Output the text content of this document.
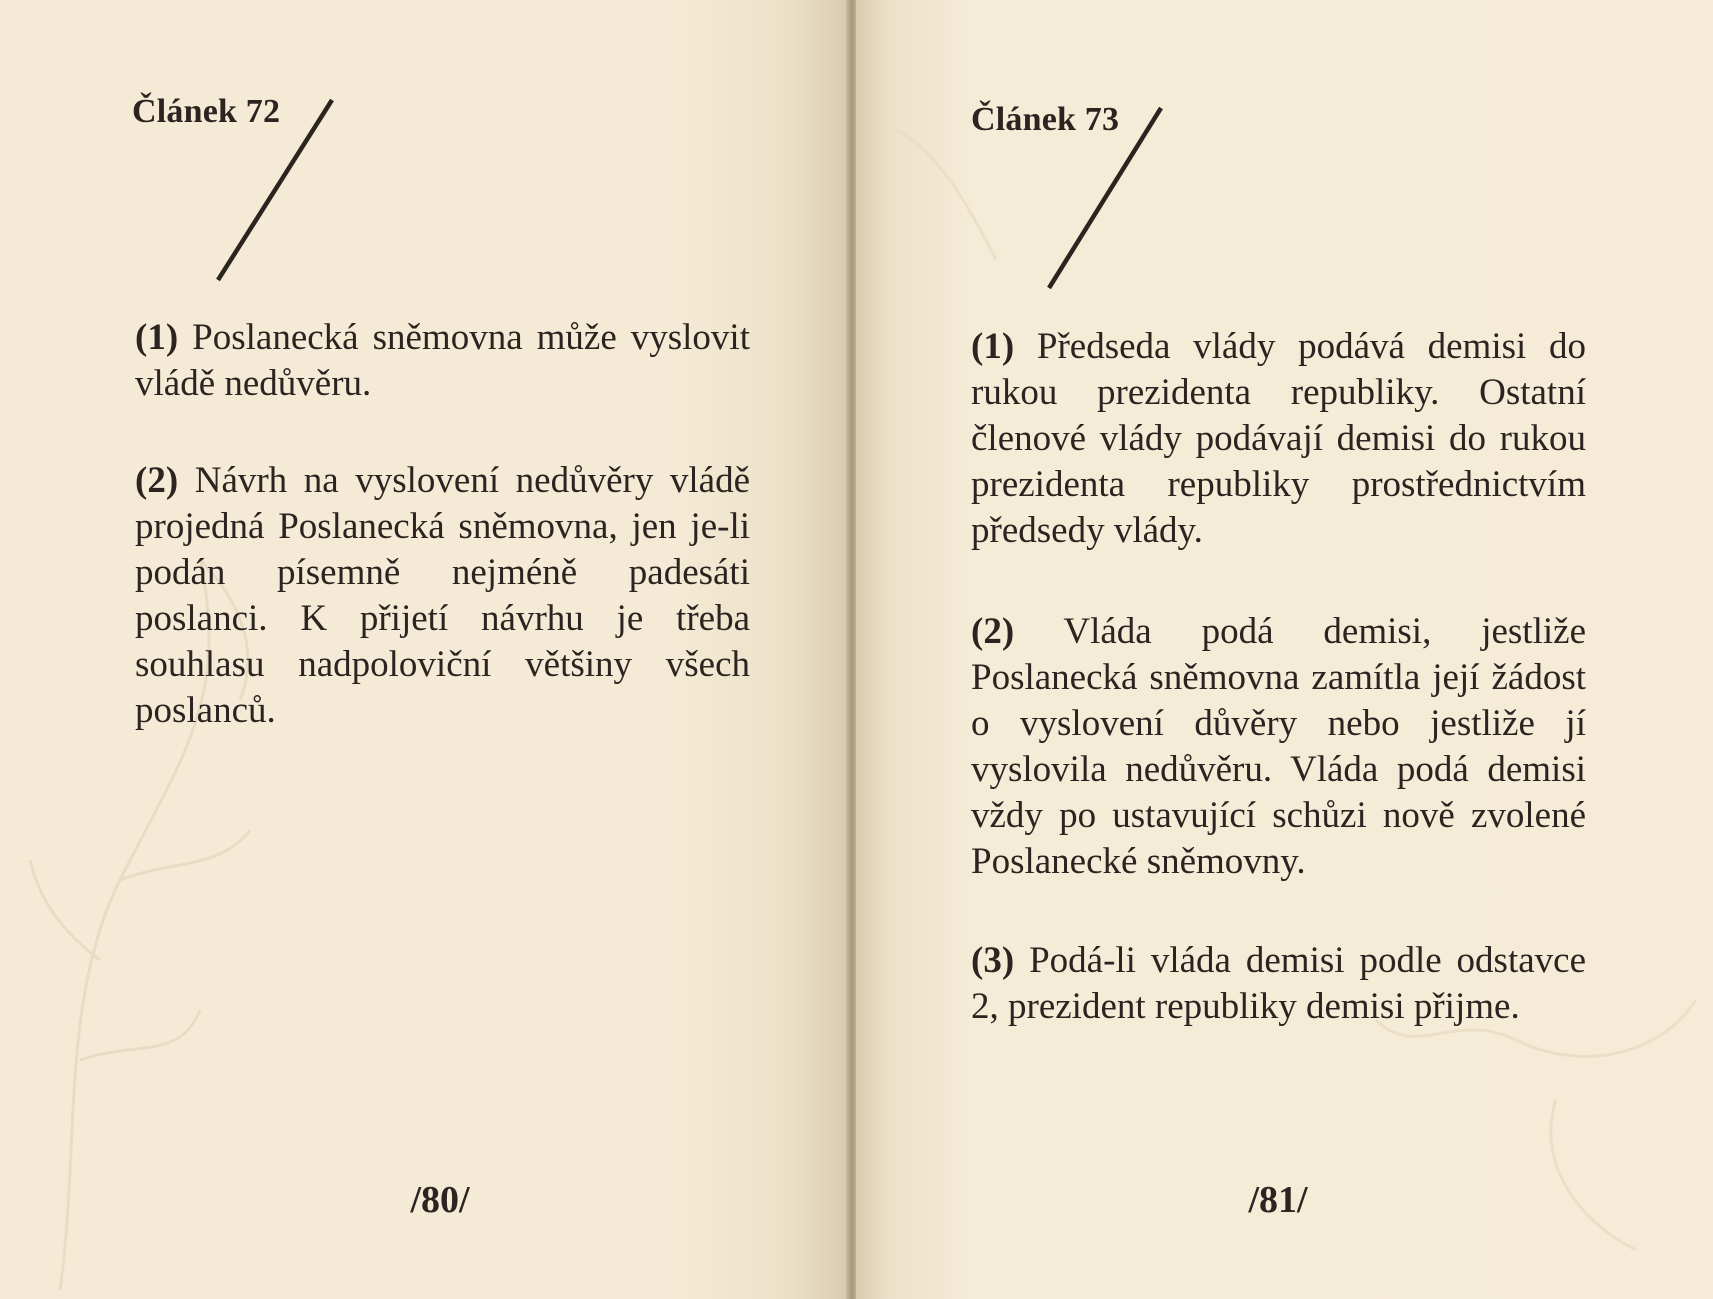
Článek 72

(1) Poslanecká sněmovna může vyslovit vládě nedůvěru.

(2) Návrh na vyslovení nedůvěry vládě projedná Poslanecká sněmovna, jen je-li podán písemně nejméně padesáti poslanci. K přijetí návrhu je třeba souhlasu nadpoloviční většiny všech poslanců.

/80/

Článek 73

(1) Předseda vlády podává demisi do rukou prezidenta republiky. Ostatní členové vlády podávají demisi do rukou prezidenta republiky prostřednictvím předsedy vlády.

(2) Vláda podá demisi, jestliže Poslanecká sněmovna zamítla její žádost o vyslovení důvěry nebo jestliže jí vyslovila nedůvěru. Vláda podá demisi vždy po ustavující schůzi nově zvolené Poslanecké sněmovny.

(3) Podá-li vláda demisi podle odstavce 2, prezident republiky demisi přijme.

/81/
